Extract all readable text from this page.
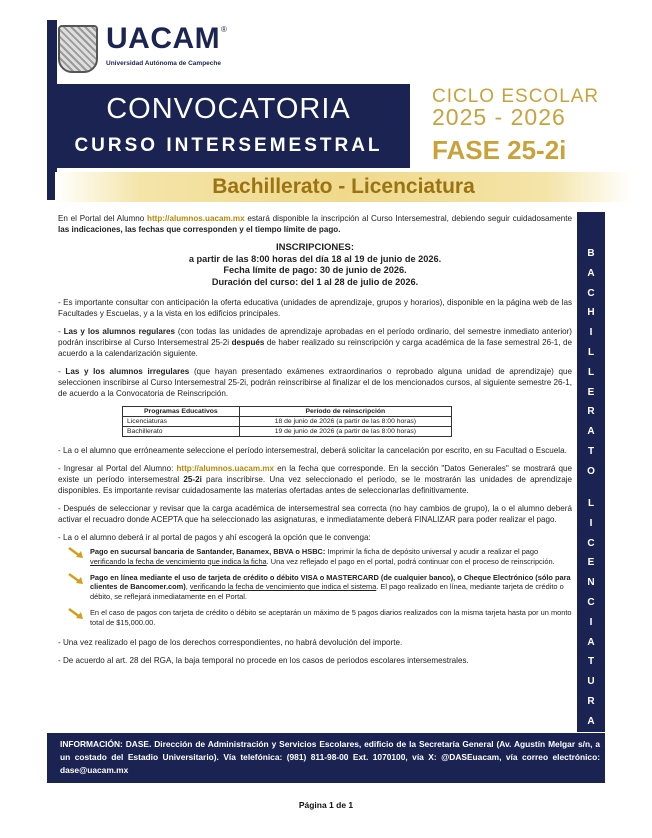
UACAM ®
Universidad Autónoma de Campeche
CONVOCATORIA
CURSO INTERSEMESTRAL
CICLO ESCOLAR
2025 - 2026
FASE 25-2i
Bachillerato - Licenciatura
B
A
C
H
I
L
L
E
R
A
T
O
L
I
C
E
N
C
I
A
T
U
R
A

En el Portal del Alumno http://alumnos.uacam.mx estará disponible la inscripción al Curso Intersemestral, debiendo seguir cuidadosamente las indicaciones, las fechas que corresponden y el tiempo límite de pago.

INSCRIPCIONES:
a partir de las 8:00 horas del día 18 al 19 de junio de 2026.
Fecha límite de pago: 30 de junio de 2026.
Duración del curso: del 1 al 28 de julio de 2026.

- Es importante consultar con anticipación la oferta educativa (unidades de aprendizaje, grupos y horarios), disponible en la página web de las Facultades y Escuelas, y a la vista en los edificios principales.

- Las y los alumnos regulares (con todas las unidades de aprendizaje aprobadas en el período ordinario, del semestre inmediato anterior) podrán inscribirse al Curso Intersemestral 25-2i después de haber realizado su reinscripción y carga académica de la fase semestral 26-1, de acuerdo a la calendarización siguiente.

- Las y los alumnos irregulares (que hayan presentado exámenes extraordinarios o reprobado alguna unidad de aprendizaje) que seleccionen inscribirse al Curso Intersemestral 25-2i, podrán reinscribirse al finalizar el de los mencionados cursos, al siguiente semestre 26-1, de acuerdo a la Convocatoria de Reinscripción.

Programas Educativos	Período de reinscripción
Licenciaturas	18 de junio de 2026 (a partir de las 8:00 horas)
Bachillerato	19 de junio de 2026 (a partir de las 8:00 horas)

- La o el alumno que erróneamente seleccione el período intersemestral, deberá solicitar la cancelación por escrito, en su Facultad o Escuela.

- Ingresar al Portal del Alumno: http://alumnos.uacam.mx en la fecha que corresponde. En la sección "Datos Generales" se mostrará que existe un período intersemestral 25-2i para inscribirse. Una vez seleccionado el período, se le mostrarán las unidades de aprendizaje disponibles. Es importante revisar cuidadosamente las materias ofertadas antes de seleccionarlas definitivamente.

- Después de seleccionar y revisar que la carga académica de intersemestral sea correcta (no hay cambios de grupo), la o el alumno deberá activar el recuadro donde ACEPTA que ha seleccionado las asignaturas, e inmediatamente deberá FINALIZAR para poder realizar el pago.

- La o el alumno deberá ir al portal de pagos y ahí escogerá la opción que le convenga:

Pago en sucursal bancaria de Santander, Banamex, BBVA o HSBC: Imprimir la ficha de depósito universal y acudir a realizar el pago verificando la fecha de vencimiento que indica la ficha. Una vez reflejado el pago en el portal, podrá continuar con el proceso de reinscripción.
Pago en línea mediante el uso de tarjeta de crédito o débito VISA o MASTERCARD (de cualquier banco), o Cheque Electrónico (sólo para clientes de Bancomer.com), verificando la fecha de vencimiento que indica el sistema. El pago realizado en línea, mediante tarjeta de crédito o débito, se reflejará inmediatamente en el Portal.
En el caso de pagos con tarjeta de crédito o débito se aceptarán un máximo de 5 pagos diarios realizados con la misma tarjeta hasta por un monto total de $15,000.00.

- Una vez realizado el pago de los derechos correspondientes, no habrá devolución del importe.

- De acuerdo al art. 28 del RGA, la baja temporal no procede en los casos de periodos escolares intersemestrales.

INFORMACIÓN: DASE. Dirección de Administración y Servicios Escolares, edificio de la Secretaría General (Av. Agustín Melgar s/n, a un costado del Estadio Universitario). Vía telefónica: (981) 811-98-00 Ext. 1070100, vía X: @DASEuacam, vía correo electrónico: dase@uacam.mx
Página 1 de 1
